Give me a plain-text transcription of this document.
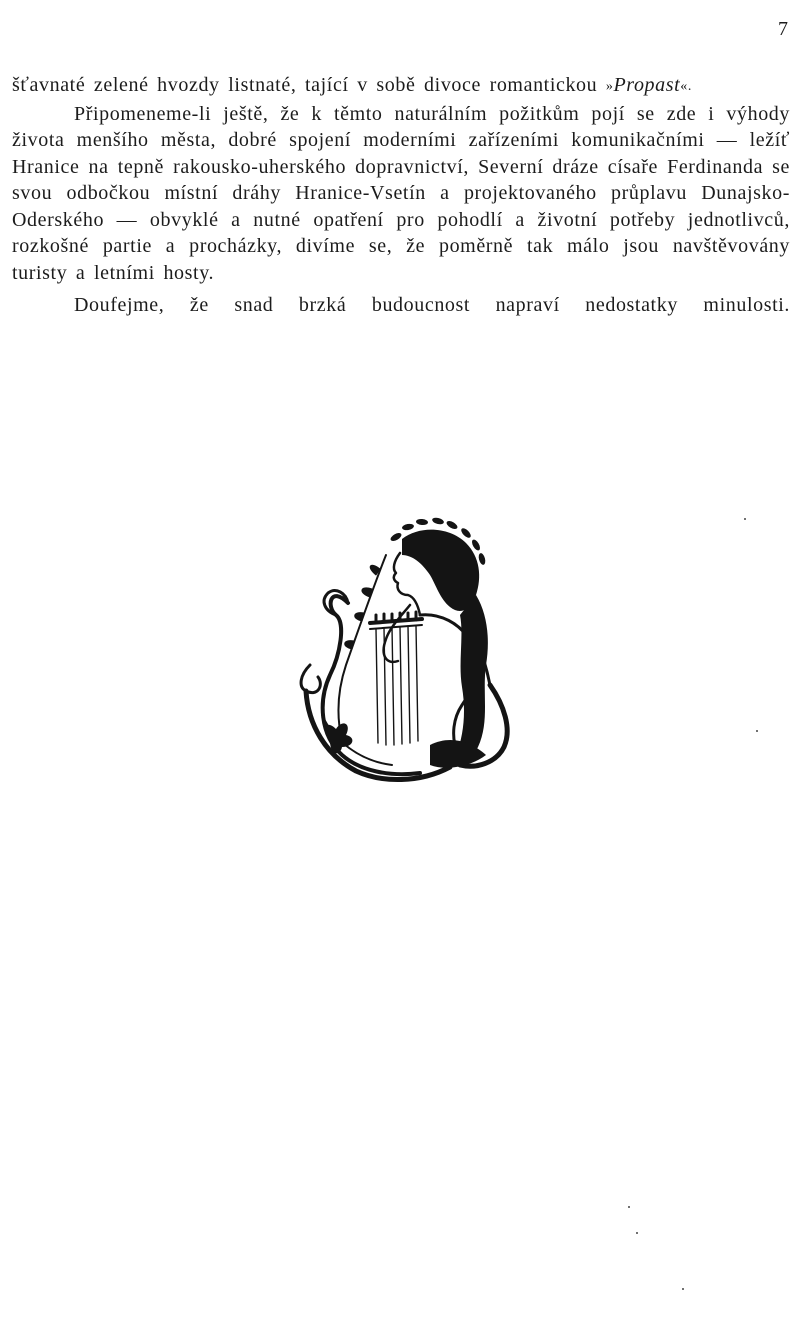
7

šťavnaté zelené hvozdy listnaté, tající v sobě divoce romantickou »Propast«.

Připomeneme-li ještě, že k těmto naturálním požitkům pojí se zde i výhody života menšího města, dobré spojení moderními zařízeními komunikačními — ležíť Hranice na tepně rakousko-uherského dopravnictví, Severní dráze císaře Ferdinanda se svou odbočkou místní dráhy Hranice-Vsetín a projektovaného průplavu Dunajsko-Oderského — obvyklé a nutné opatření pro pohodlí a životní potřeby jednotlivců, rozkošné partie a procházky, divíme se, že poměrně tak málo jsou navštěvovány turisty a letními hosty.

Doufejme, že snad brzká budoucnost napraví nedostatky minulosti.
